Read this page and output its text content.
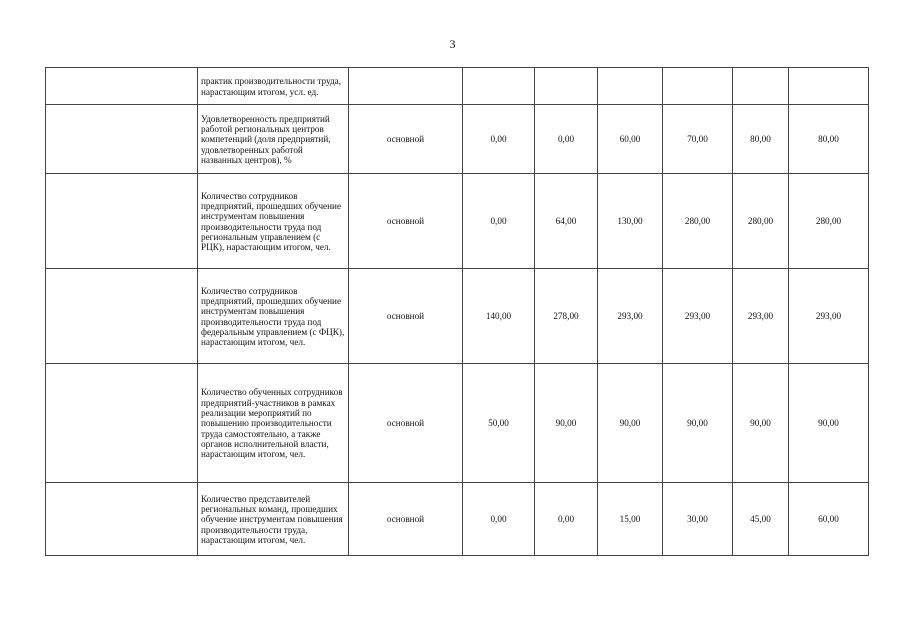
3
	практик производительности труда, нарастающим итогом, усл. ед.							
	Удовлетворенность предприятий работой региональных центров компетенций (доля предприятий, удовлетворенных работой названных центров), %	основной	0,00	0,00	60,00	70,00	80,00	80,00
	Количество сотрудников предприятий, прошедших обучение инструментам повышения производительности труда под региональным управлением (с РЦК), нарастающим итогом, чел.	основной	0,00	64,00	130,00	280,00	280,00	280,00
	Количество сотрудников предприятий, прошедших обучение инструментам повышения производительности труда под федеральным управлением (с ФЦК), нарастающим итогом, чел.	основной	140,00	278,00	293,00	293,00	293,00	293,00
	Количество обученных сотрудников предприятий-участников в рамках реализации мероприятий по повышению производительности труда самостоятельно, а также органов исполнительной власти, нарастающим итогом, чел.	основной	50,00	90,00	90,00	90,00	90,00	90,00
	Количество представителей региональных команд, прошедших обучение инструментам повышения производительности труда, нарастающим итогом, чел.	основной	0,00	0,00	15,00	30,00	45,00	60,00
